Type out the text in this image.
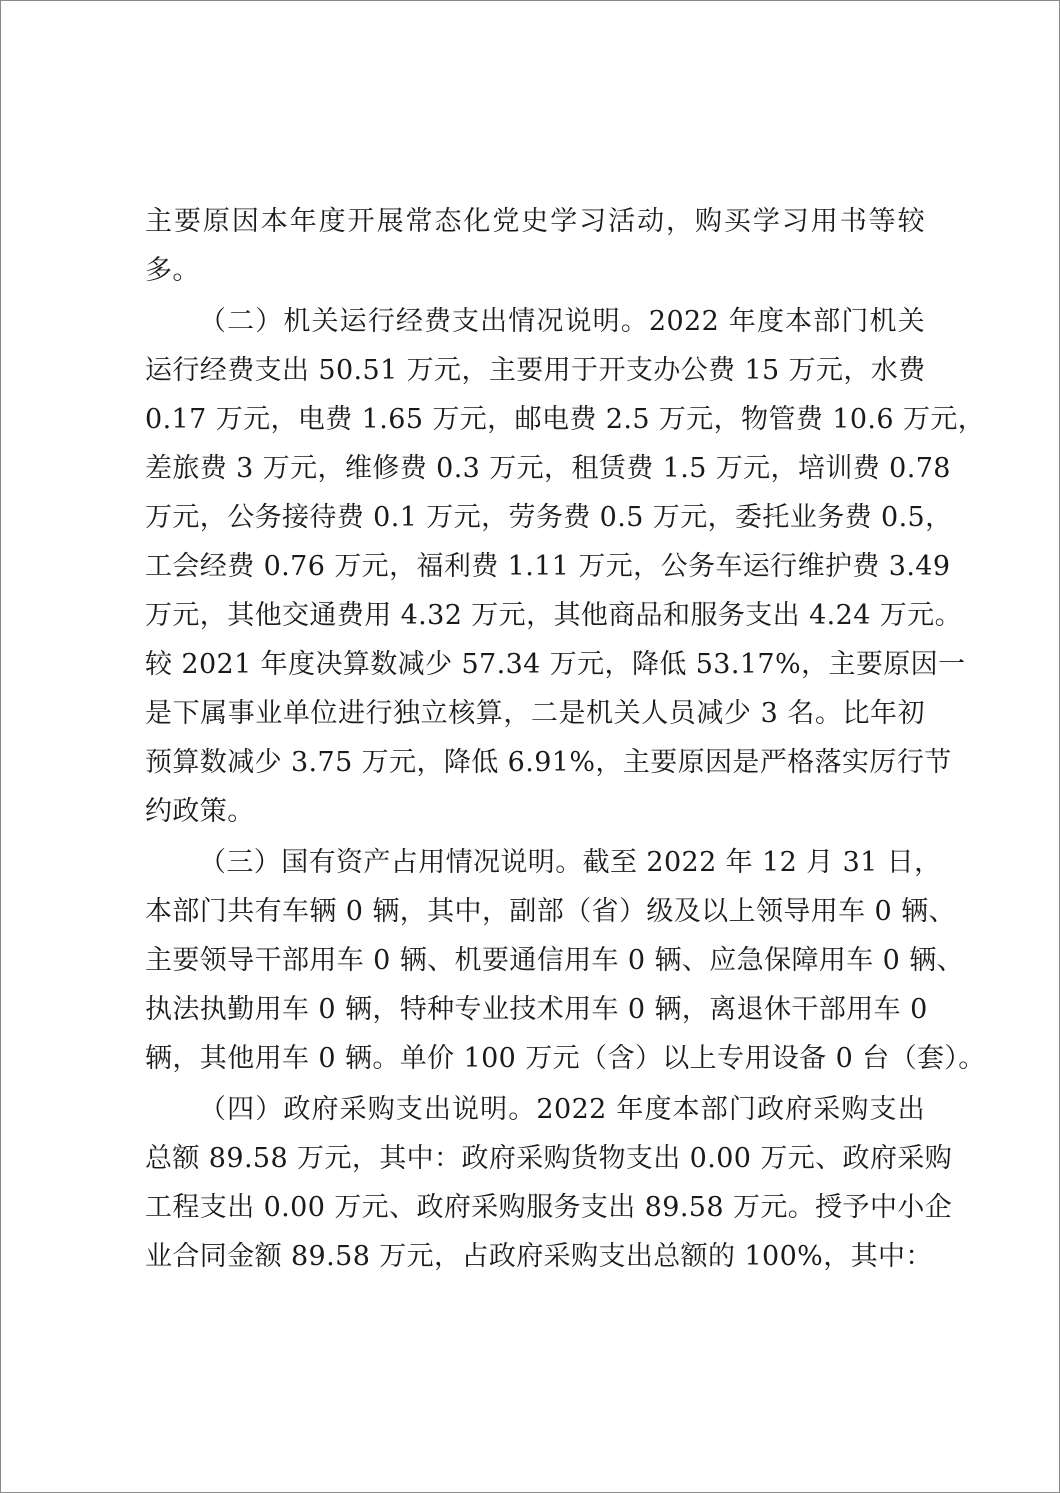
主要原因本年度开展常态化党史学习活动，购买学习用书等较
多。

（二）机关运行经费支出情况说明。2022 年度本部门机关
运行经费支出 50.51 万元，主要用于开支办公费 15 万元，水费
0.17 万元，电费 1.65 万元，邮电费 2.5 万元，物管费 10.6 万元，
差旅费 3 万元，维修费 0.3 万元，租赁费 1.5 万元，培训费 0.78
万元，公务接待费 0.1 万元，劳务费 0.5 万元，委托业务费 0.5，
工会经费 0.76 万元，福利费 1.11 万元，公务车运行维护费 3.49
万元，其他交通费用 4.32 万元，其他商品和服务支出 4.24 万元。
较 2021 年度决算数减少 57.34 万元，降低 53.17%，主要原因一
是下属事业单位进行独立核算，二是机关人员减少 3 名。比年初
预算数减少 3.75 万元，降低 6.91%，主要原因是严格落实厉行节
约政策。

（三）国有资产占用情况说明。截至 2022 年 12 月 31 日，
本部门共有车辆 0 辆，其中，副部（省）级及以上领导用车 0 辆、
主要领导干部用车 0 辆、机要通信用车 0 辆、应急保障用车 0 辆、
执法执勤用车 0 辆，特种专业技术用车 0 辆，离退休干部用车 0
辆，其他用车 0 辆。单价 100 万元（含）以上专用设备 0 台（套）。

（四）政府采购支出说明。2022 年度本部门政府采购支出
总额 89.58 万元，其中：政府采购货物支出 0.00 万元、政府采购
工程支出 0.00 万元、政府采购服务支出 89.58 万元。授予中小企
业合同金额 89.58 万元，占政府采购支出总额的 100%，其中：
